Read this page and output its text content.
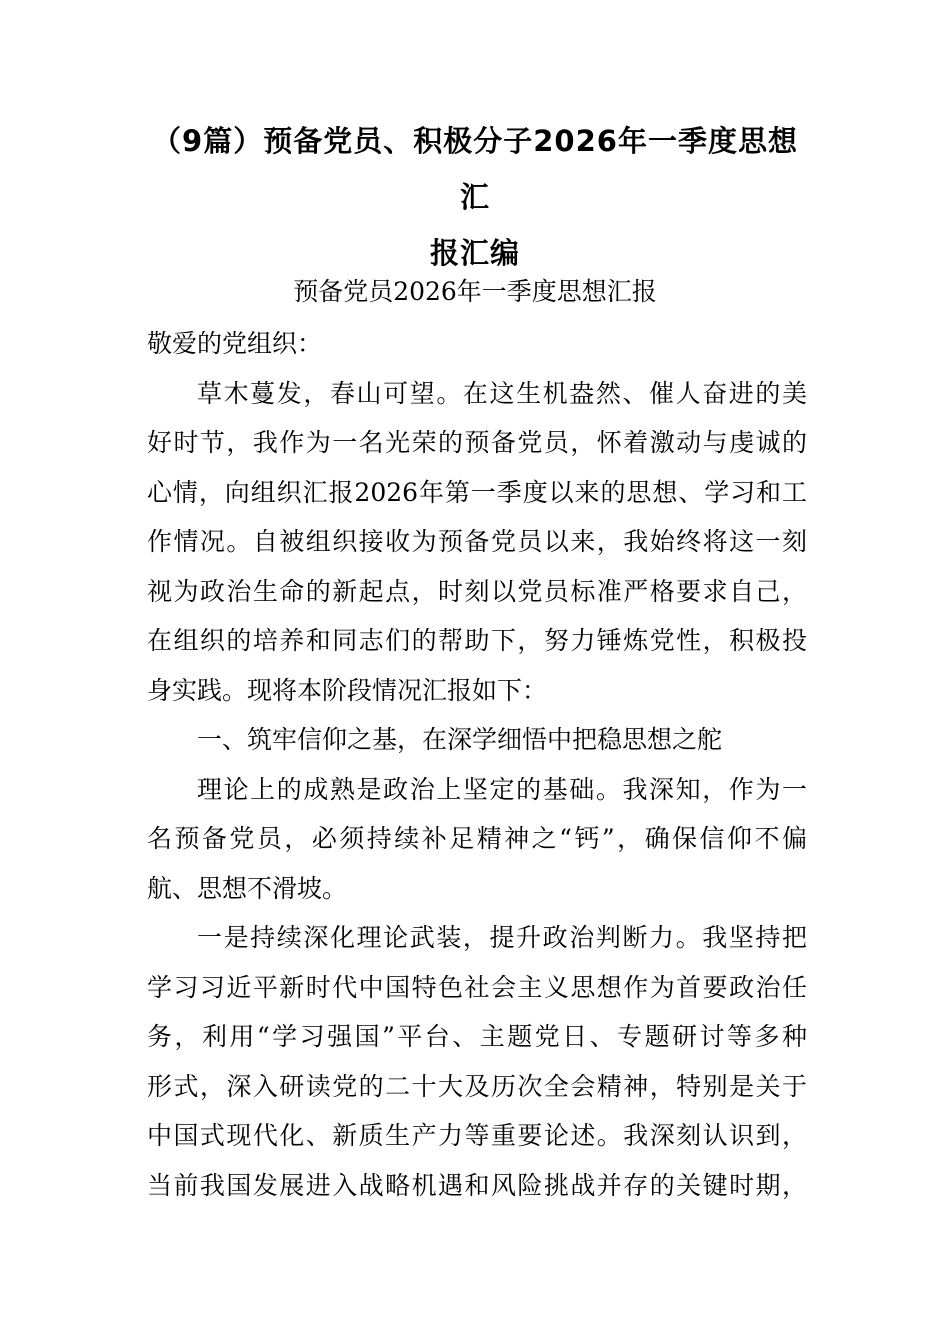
（9篇）预备党员、积极分子2026年一季度思想汇
报汇编
预备党员2026年一季度思想汇报
敬爱的党组织：
草木蔓发，春山可望。在这生机盎然、催人奋进的美
好时节，我作为一名光荣的预备党员，怀着激动与虔诚的
心情，向组织汇报2026年第一季度以来的思想、学习和工
作情况。自被组织接收为预备党员以来，我始终将这一刻
视为政治生命的新起点，时刻以党员标准严格要求自己，
在组织的培养和同志们的帮助下，努力锤炼党性，积极投
身实践。现将本阶段情况汇报如下：
一、筑牢信仰之基，在深学细悟中把稳思想之舵
理论上的成熟是政治上坚定的基础。我深知，作为一
名预备党员，必须持续补足精神之“钙”，确保信仰不偏
航、思想不滑坡。
一是持续深化理论武装，提升政治判断力。我坚持把
学习习近平新时代中国特色社会主义思想作为首要政治任
务，利用“学习强国”平台、主题党日、专题研讨等多种
形式，深入研读党的二十大及历次全会精神，特别是关于
中国式现代化、新质生产力等重要论述。我深刻认识到，
当前我国发展进入战略机遇和风险挑战并存的关键时期，
